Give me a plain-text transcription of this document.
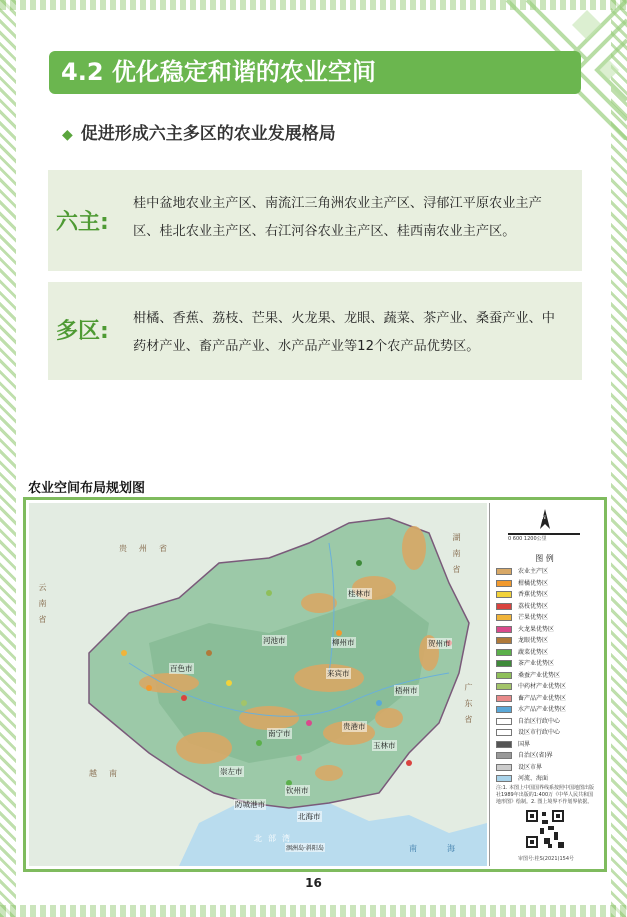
4.2 优化稳定和谐的农业空间
◆ 促进形成六主多区的农业发展格局
六主:
桂中盆地农业主产区、南流江三角洲农业主产区、浔郁江平原农业主产区、桂北农业主产区、右江河谷农业主产区、桂西南农业主产区。
多区:
柑橘、香蕉、荔枝、芒果、火龙果、龙眼、蔬菜、茶产业、桑蚕产业、中药材产业、畜产品产业、水产品产业等12个农产品优势区。
农业空间布局规划图
贵州省	湖南省
云南省
广东省
越南
北部湾
南海
桂林市
河池市	柳州市	贺州市
百色市
来宾市
梧州市
南宁市
贵港市
玉林市
崇左市
钦州市
防城港市
北海市
涠洲岛·斜阳岛
N
0 600 1200公里
图 例
农业主产区
柑橘优势区
香蕉优势区
荔枝优势区
芒果优势区
火龙果优势区
龙眼优势区
蔬菜优势区
茶产业优势区
桑蚕产业优势区
中药材产业优势区
畜产品产业优势区
水产品产业优势区
自治区行政中心
设区市行政中心
国界
自治区(省)界
设区市界
河流、海面
注:1. 本图上中国国界线系按照中国地图出版社1989年出版的1:400万《中华人民共和国地形图》绘制。2. 图上境界不作划界依据。
审图号:桂S(2021)154号
16
